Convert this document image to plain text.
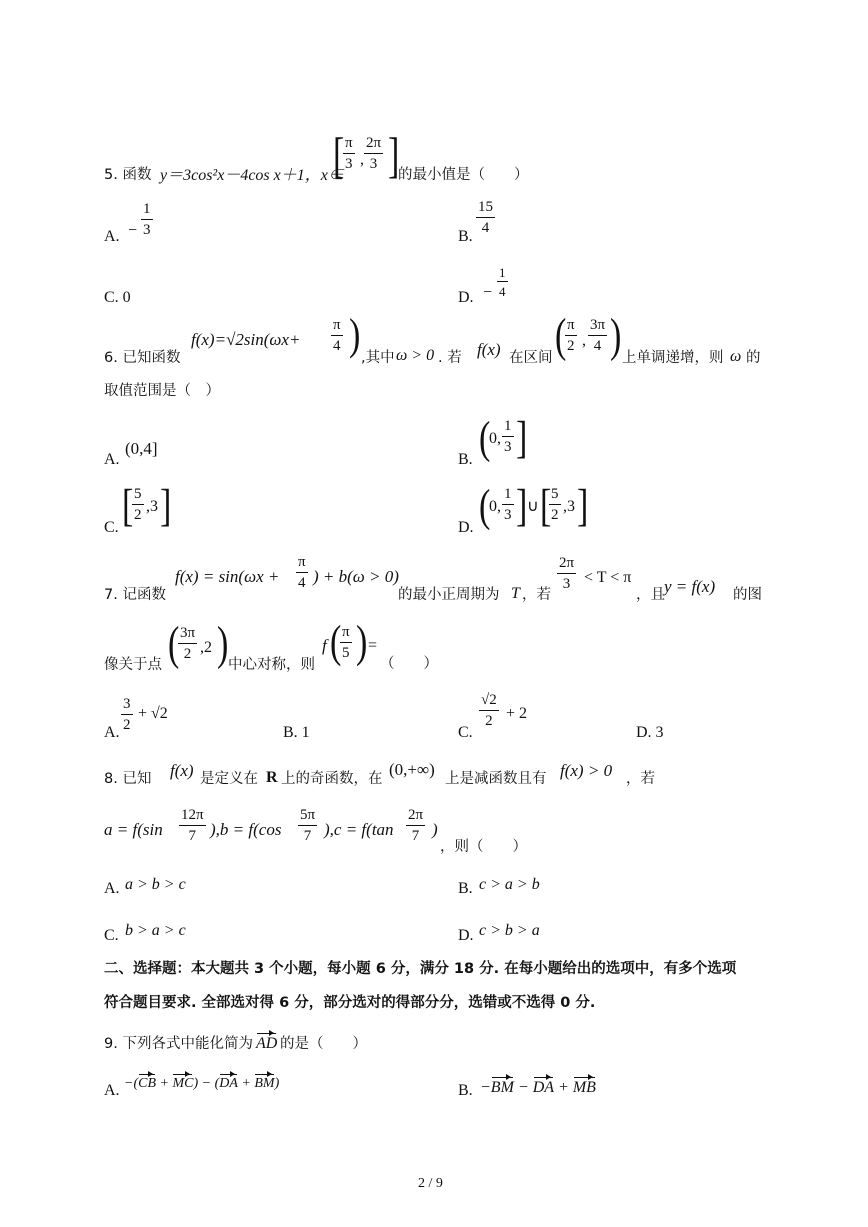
5. 函数 y＝3cos²x－4cos x＋1，x∈
[ π
3 ,
2π
3 ]
的最小值是（　　）
A. −
1
3	B.
15
4
C. 0	D. −
1
4
6. 已知函数
f(x)=√2sin(ωx+
π
4 ) ,其中 ω > 0 . 若 f(x) 在区间 ( π
2 ,
3π
4 ) 上单调递增，则 ω 的
取值范围是（　）
A.
(0,4]
B. (
0,
1
3 ]
C. [ 5
2 ,3 ]	D. (
0,
1
3 ] ∪ [ 5
2 ,3 ]
7. 记函数
f(x) = sin(ωx +
π
4 ) + b(ω > 0)
的最小正周期为 T ，若
2π
3 < T < π
，且 y = f(x) 的图
像关于点 ( 3π
2 ,2 ) 中心对称，则
f ( π
5 ) =
（　　）
A.
3
2
+ √2
B. 1	C.
√2
2 + 2
D. 3
8. 已知 f(x) 是定义在 R 上的奇函数，在 (0,+∞) 上是减函数且有 f(x) > 0 ，若
a = f(sin
12π
7 ),b = f(cos
5π
7 ),c = f(tan
2π
7 )
，则（　　）
A. a > b > c	B. c > a > b
C. b > a > c	D. c > b > a
二、选择题：本大题共 3 个小题，每小题 6 分，满分 18 分. 在每小题给出的选项中，有多个选项
符合题目要求. 全部选对得 6 分，部分选对的得部分分，选错或不选得 0 分.
9. 下列各式中能化简为 AD 的是（　　）
A. −(CB + MC) − (DA + BM)	B. −BM − DA + MB
2 / 9
